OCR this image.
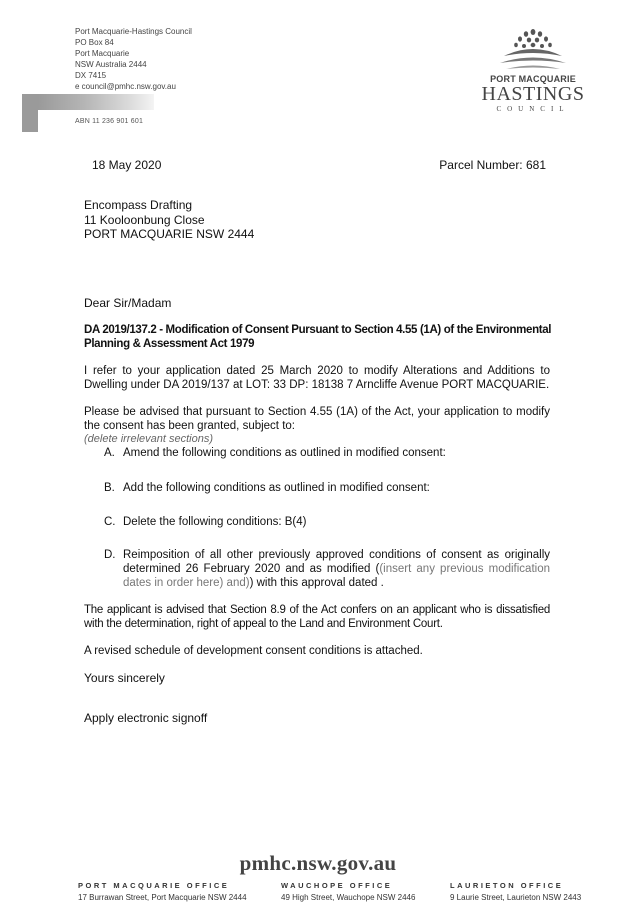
Port Macquarie-Hastings Council
PO Box 84
Port Macquarie
NSW Australia 2444
DX 7415
e council@pmhc.nsw.gov.au
ABN 11 236 901 601
PORT MACQUARIE
HASTINGS
COUNCIL
18 May 2020	Parcel Number: 681
Encompass Drafting
11 Kooloonbung Close
PORT MACQUARIE NSW 2444
Dear Sir/Madam
DA 2019/137.2 - Modification of Consent Pursuant to Section 4.55 (1A) of the Environmental Planning & Assessment Act 1979
I refer to your application dated 25 March 2020 to modify Alterations and Additions to Dwelling under DA 2019/137 at LOT: 33 DP: 18138 7 Arncliffe Avenue PORT MACQUARIE.
Please be advised that pursuant to Section 4.55 (1A) of the Act, your application to modify the consent has been granted, subject to:
(delete irrelevant sections)
A. Amend the following conditions as outlined in modified consent:
B. Add the following conditions as outlined in modified consent:
C. Delete the following conditions: B(4)
D. Reimposition of all other previously approved conditions of consent as originally determined 26 February 2020 and as modified ((insert any previous modification dates in order here) and)) with this approval dated .
The applicant is advised that Section 8.9 of the Act confers on an applicant who is dissatisfied with the determination, right of appeal to the Land and Environment Court.
A revised schedule of development consent conditions is attached.
Yours sincerely
Apply electronic signoff
pmhc.nsw.gov.au
PORT MACQUARIE OFFICE
17 Burrawan Street, Port Macquarie NSW 2444
WAUCHOPE OFFICE
49 High Street, Wauchope NSW 2446
LAURIETON OFFICE
9 Laurie Street, Laurieton NSW 2443
